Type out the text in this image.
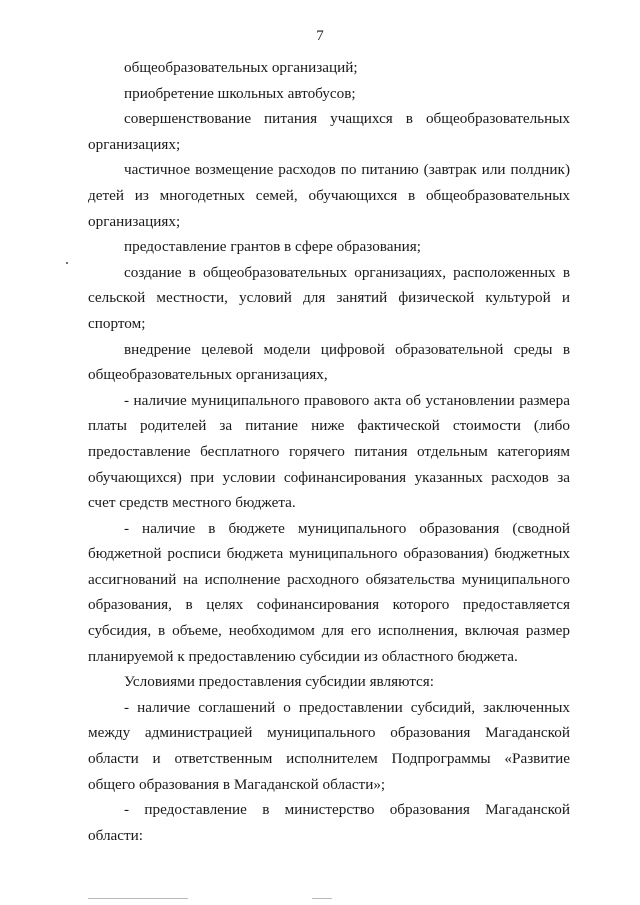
7

общеобразовательных организаций;

приобретение школьных автобусов;

совершенствование питания учащихся в общеобразовательных организациях;

частичное возмещение расходов по питанию (завтрак или полдник) детей из многодетных семей, обучающихся в общеобразовательных организациях;

предоставление грантов в сфере образования;

создание в общеобразовательных организациях, расположенных в сельской местности, условий для занятий физической культурой и спортом;

внедрение целевой модели цифровой образовательной среды в общеобразовательных организациях,

- наличие муниципального правового акта об установлении размера платы родителей за питание ниже фактической стоимости (либо предоставление бесплатного горячего питания отдельным категориям обучающихся) при условии софинансирования указанных расходов за счет средств местного бюджета.

- наличие в бюджете муниципального образования (сводной бюджетной росписи бюджета муниципального образования) бюджетных ассигнований на исполнение расходного обязательства муниципального образования, в целях софинансирования которого предоставляется субсидия, в объеме, необходимом для его исполнения, включая размер планируемой к предоставлению субсидии из областного бюджета.

Условиями предоставления субсидии являются:

- наличие соглашений о предоставлении субсидий, заключенных между администрацией муниципального образования Магаданской области и ответственным исполнителем Подпрограммы «Развитие общего образования в Магаданской области»;

- предоставление в министерство образования Магаданской области:
